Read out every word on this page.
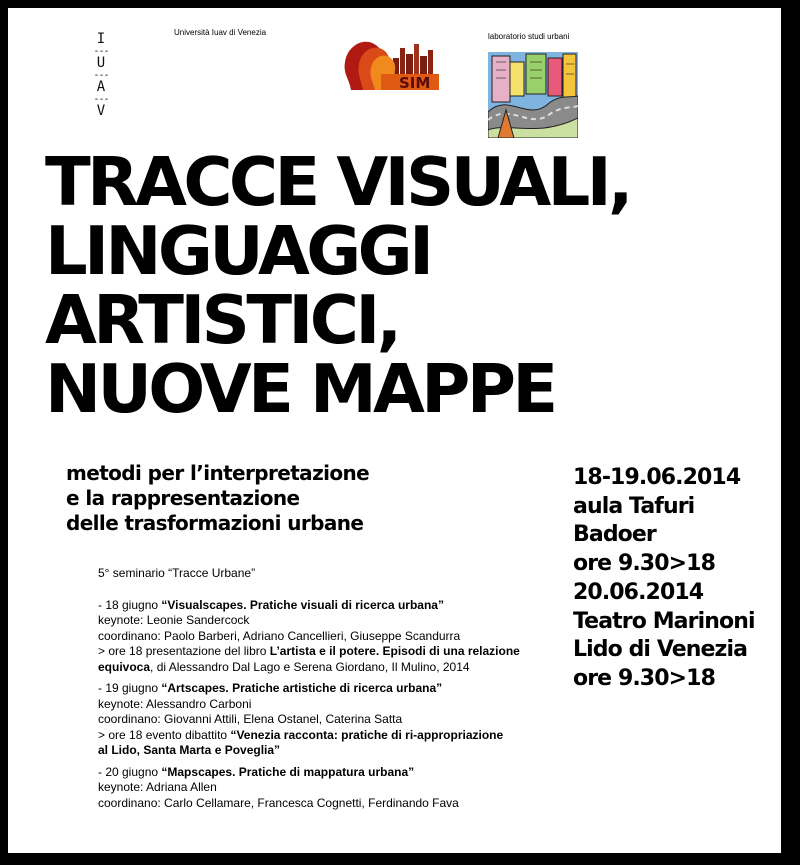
I
---
U
---
A
---
V
Università Iuav di Venezia
SIM
laboratorio studi urbani
TRACCE VISUALI,
LINGUAGGI
ARTISTICI,
NUOVE MAPPE
metodi per l’interpretazione
e la rappresentazione
delle trasformazioni urbane
18-19.06.2014
aula Tafuri
Badoer
ore 9.30>18
20.06.2014
Teatro Marinoni
Lido di Venezia
ore 9.30>18
5° seminario “Tracce Urbane”
- 18 giugno “Visualscapes. Pratiche visuali di ricerca urbana”
keynote: Leonie Sandercock
coordinano: Paolo Barberi, Adriano Cancellieri, Giuseppe Scandurra
> ore 18 presentazione del libro L’artista e il potere. Episodi di una relazione
equivoca, di Alessandro Dal Lago e Serena Giordano, Il Mulino, 2014
- 19 giugno “Artscapes. Pratiche artistiche di ricerca urbana”
keynote: Alessandro Carboni
coordinano: Giovanni Attili, Elena Ostanel, Caterina Satta
> ore 18 evento dibattito “Venezia racconta: pratiche di ri-appropriazione
al Lido, Santa Marta e Poveglia”
- 20 giugno “Mapscapes. Pratiche di mappatura urbana”
keynote: Adriana Allen
coordinano: Carlo Cellamare, Francesca Cognetti, Ferdinando Fava
